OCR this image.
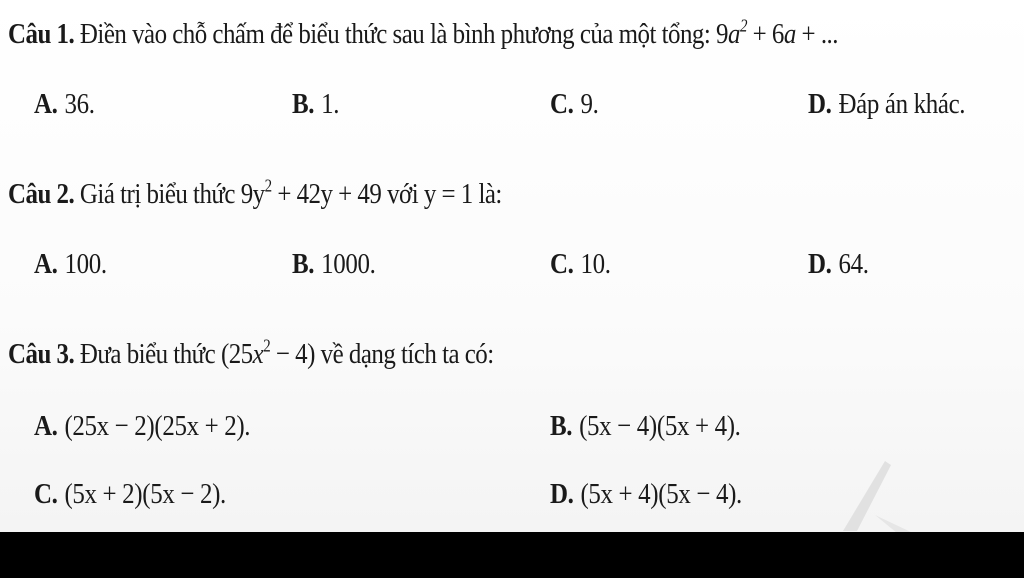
Câu 1. Điền vào chỗ chấm để biểu thức sau là bình phương của một tổng: $9a^2 + 6a$ + ...
A. 36.	B. 1.	C. 9.	D. Đáp án khác.
Câu 2. Giá trị biểu thức $9y^2 + 42y + 49$ với y = 1 là:
A. 100.	B. 1000.	C. 10.	D. 64.
Câu 3. Đưa biểu thức $(25x^2 - 4)$ về dạng tích ta có:
A. (25x − 2)(25x + 2).	B. (5x − 4)(5x + 4).
C. (5x + 2)(5x − 2).	D. (5x + 4)(5x − 4).
